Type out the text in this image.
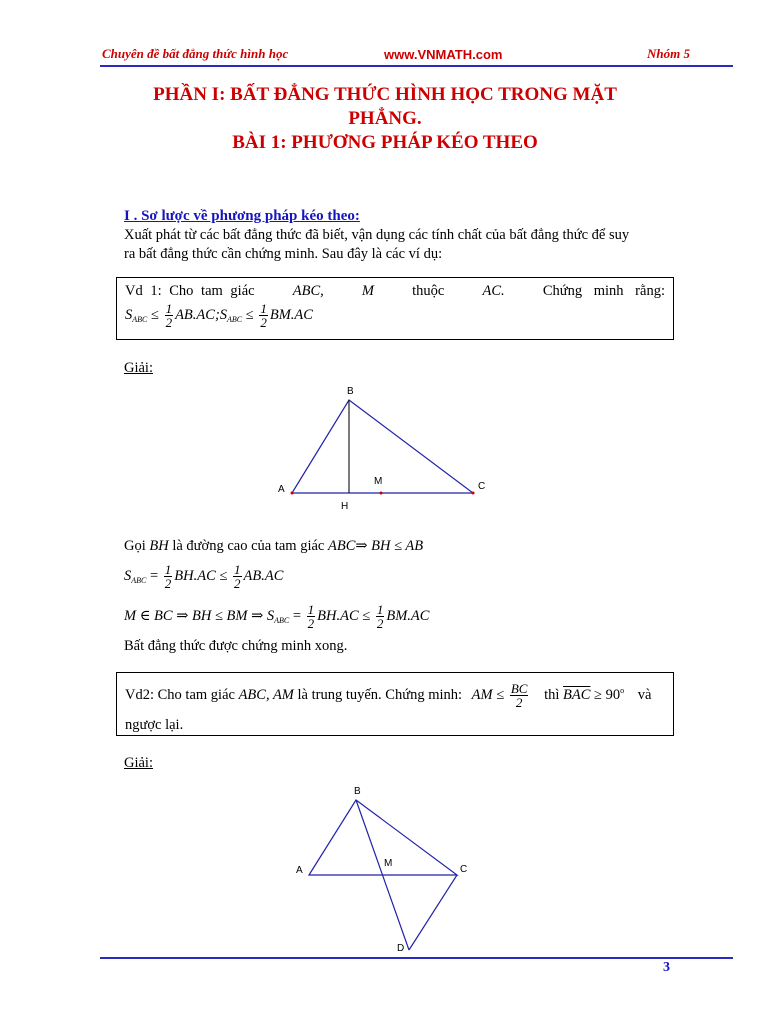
Chuyên đề bất đẳng thức hình học	www.VNMATH.com	Nhóm 5
PHẦN I: BẤT ĐẲNG THỨC HÌNH HỌC TRONG MẶT
PHẲNG.
BÀI 1: PHƯƠNG PHÁP KÉO THEO
I . Sơ lược về phương pháp kéo theo:
Xuất phát từ các bất đẳng thức đã biết, vận dụng các tính chất của bất đẳng thức để suy
ra bất đẳng thức cần chứng minh. Sau đây là các ví dụ:
Vd 1: Cho tam giác	ABC,	M	thuộc	AC.	Chứng minh rằng:
$S_{ABC} \le \frac{1}{2}$ $AB.AC;S_{ABC} \le \frac{1}{2} BM.AC$
Giải:
B
A	C
M
H
Gọi BH là đường cao của tam giác ABC⇒ BH ≤ AB
$S_{ABC} = \frac{1}{2} BH.AC \le \frac{1}{2} AB.AC$
M ∈ BC ⇒ BH ≤ BM ⇒ $S_{ABC} = \frac{1}{2} BH.AC \le \frac{1}{2} BM.AC$
Bất đẳng thức được chứng minh xong.
Vd2: Cho tam giác ABC, AM là trung tuyến. Chứng minh: AM ≤ $\frac{BC}{2}$ thì $\overline{BAC} \ge 90^o$ và
ngược lại.
Giải:
B
A	C
M
D
3
